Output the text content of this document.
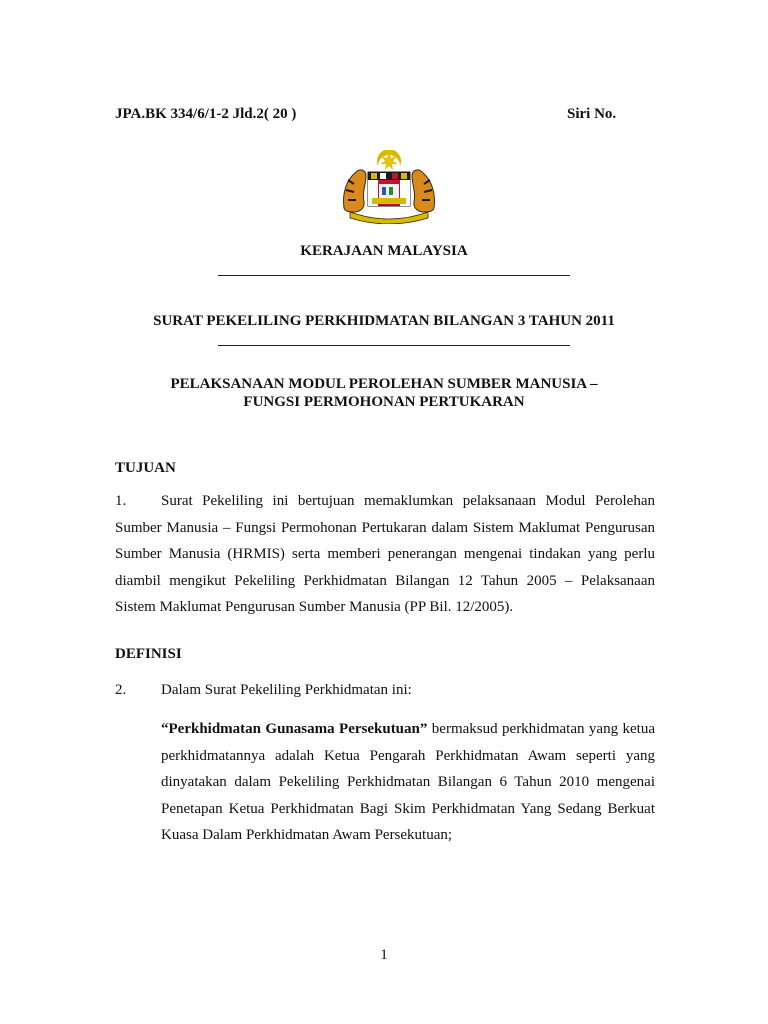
JPA.BK 334/6/1-2 Jld.2( 20 )	Siri No.
KERAJAAN MALAYSIA
SURAT PEKELILING PERKHIDMATAN BILANGAN 3 TAHUN 2011
PELAKSANAAN MODUL PEROLEHAN SUMBER MANUSIA –
FUNGSI PERMOHONAN PERTUKARAN
TUJUAN
1. Surat Pekeliling ini bertujuan memaklumkan pelaksanaan Modul Perolehan Sumber Manusia – Fungsi Permohonan Pertukaran dalam Sistem Maklumat Pengurusan Sumber Manusia (HRMIS) serta memberi penerangan mengenai tindakan yang perlu diambil mengikut Pekeliling Perkhidmatan Bilangan 12 Tahun 2005 – Pelaksanaan Sistem Maklumat Pengurusan Sumber Manusia (PP Bil. 12/2005).
DEFINISI
2. Dalam Surat Pekeliling Perkhidmatan ini:
“Perkhidmatan Gunasama Persekutuan” bermaksud perkhidmatan yang ketua perkhidmatannya adalah Ketua Pengarah Perkhidmatan Awam seperti yang dinyatakan dalam Pekeliling Perkhidmatan Bilangan 6 Tahun 2010 mengenai Penetapan Ketua Perkhidmatan Bagi Skim Perkhidmatan Yang Sedang Berkuat Kuasa Dalam Perkhidmatan Awam Persekutuan;
1
